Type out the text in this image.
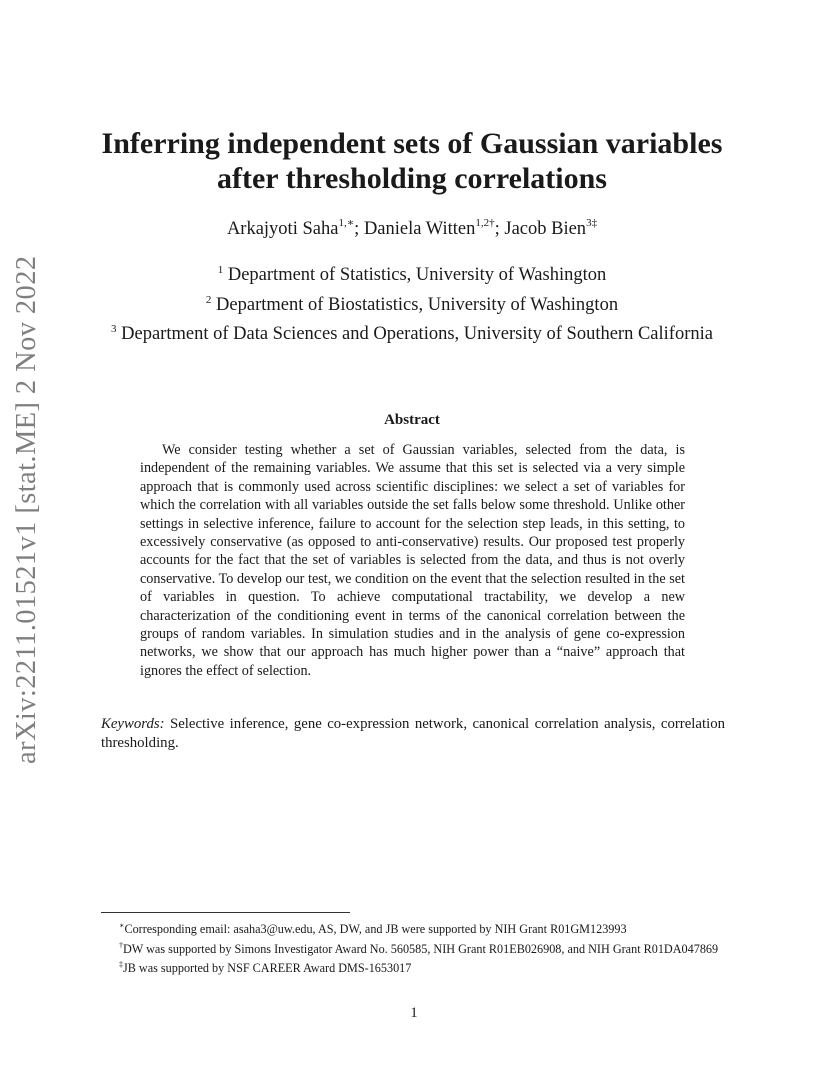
arXiv:2211.01521v1 [stat.ME] 2 Nov 2022
Inferring independent sets of Gaussian variables
after thresholding correlations
Arkajyoti Saha$^{1,∗}$; Daniela Witten$^{1,2\dagger}$; Jacob Bien$^{3\ddagger}$
$^1$ Department of Statistics, University of Washington
$^2$ Department of Biostatistics, University of Washington
$^3$ Department of Data Sciences and Operations, University of Southern California
Abstract

We consider testing whether a set of Gaussian variables, selected from the data, is independent of the remaining variables. We assume that this set is selected via a very simple approach that is commonly used across scientific disciplines: we select a set of variables for which the correlation with all variables outside the set falls below some threshold. Unlike other settings in selective inference, failure to account for the selection step leads, in this setting, to excessively conservative (as opposed to anti-conservative) results. Our proposed test properly accounts for the fact that the set of variables is selected from the data, and thus is not overly conservative. To develop our test, we condition on the event that the selection resulted in the set of variables in question. To achieve computational tractability, we develop a new characterization of the conditioning event in terms of the canonical correlation between the groups of random variables. In simulation studies and in the analysis of gene co-expression networks, we show that our approach has much higher power than a “naive” approach that ignores the effect of selection.

Keywords: Selective inference, gene co-expression network, canonical correlation analysis, correlation thresholding.

∗Corresponding email: asaha3@uw.edu, AS, DW, and JB were supported by NIH Grant R01GM123993

†DW was supported by Simons Investigator Award No. 560585, NIH Grant R01EB026908, and NIH Grant R01DA047869

‡JB was supported by NSF CAREER Award DMS-1653017

1
